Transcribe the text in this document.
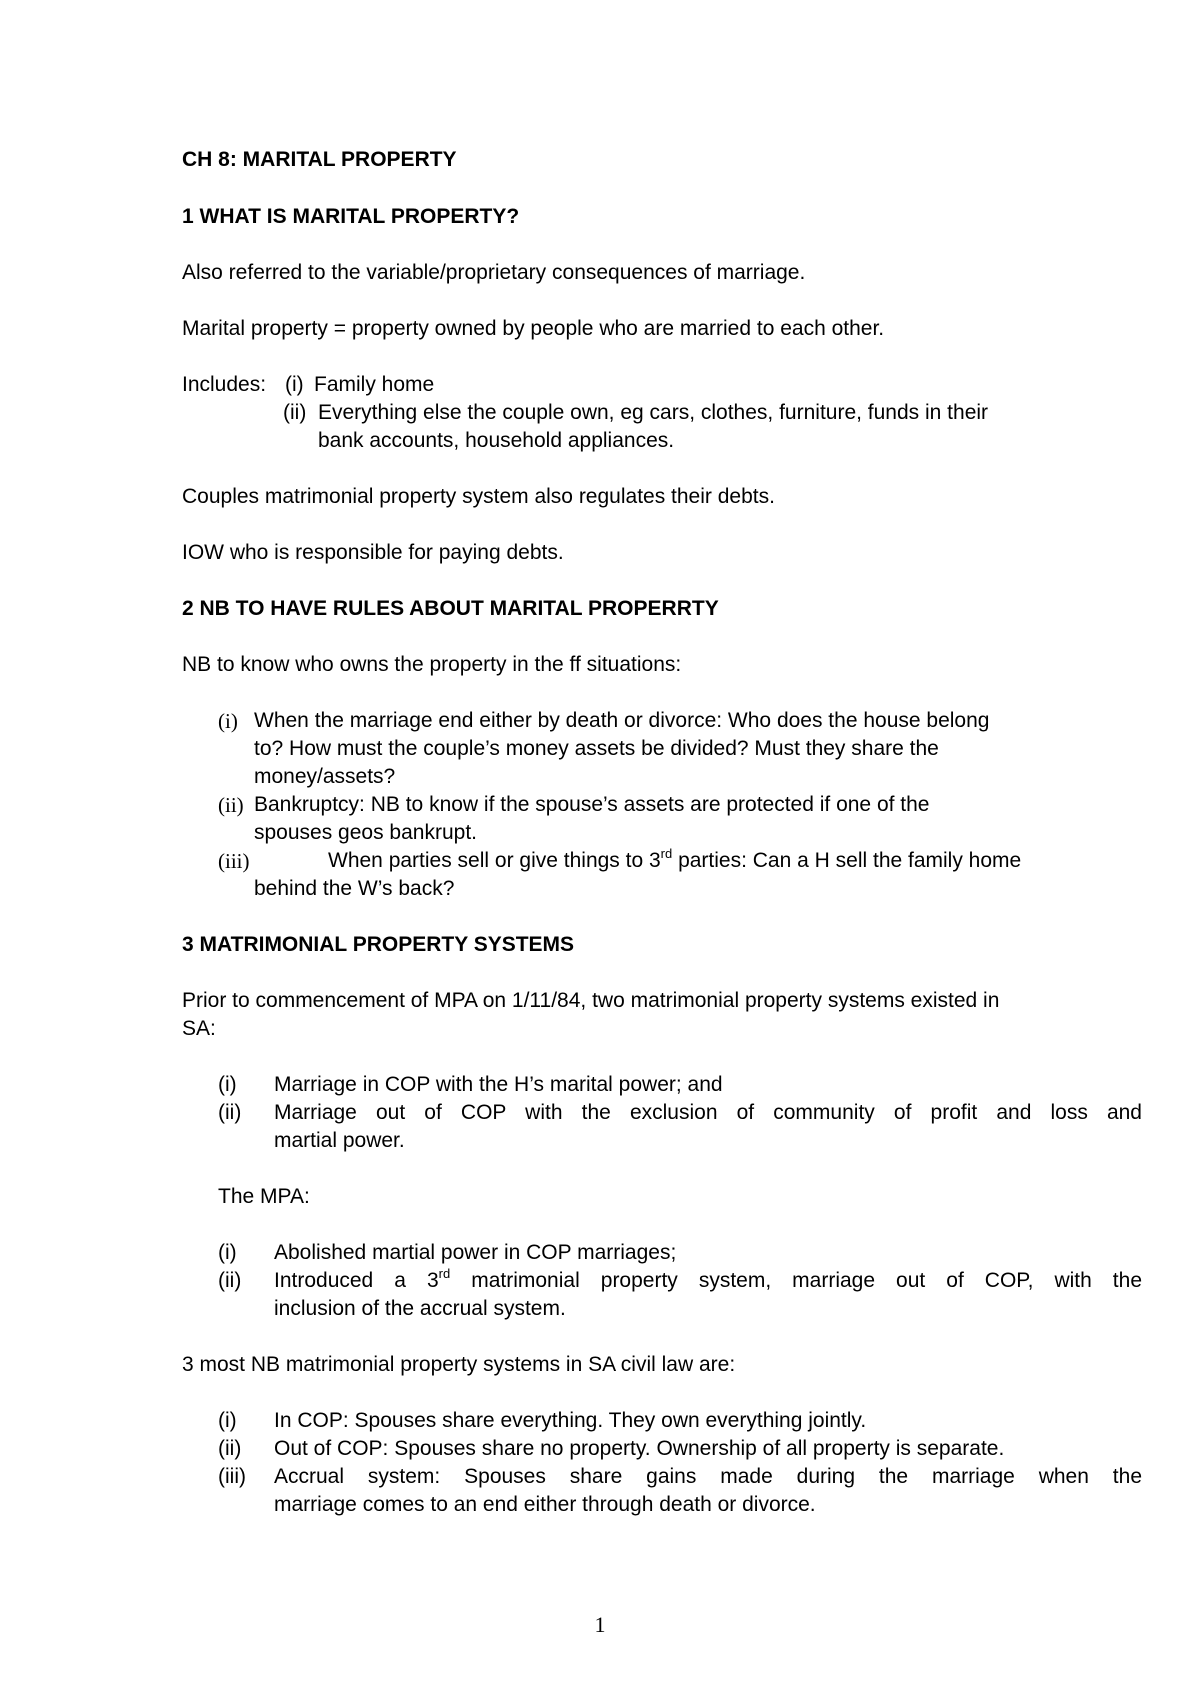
CH 8: MARITAL PROPERTY
1 WHAT IS MARITAL PROPERTY?
Also referred to the variable/proprietary consequences of marriage.
Marital property = property owned by people who are married to each other.
Includes: (i) Family home
(ii) Everything else the couple own, eg cars, clothes, furniture, funds in their
bank accounts, household appliances.
Couples matrimonial property system also regulates their debts.
IOW who is responsible for paying debts.
2 NB TO HAVE RULES ABOUT MARITAL PROPERRTY
NB to know who owns the property in the ff situations:
(i) When the marriage end either by death or divorce: Who does the house belong
to? How must the couple’s money assets be divided? Must they share the
money/assets?
(ii) Bankruptcy: NB to know if the spouse’s assets are protected if one of the
spouses geos bankrupt.
(iii)	When parties sell or give things to 3rd parties: Can a H sell the family home
behind the W’s back?
3 MATRIMONIAL PROPERTY SYSTEMS
Prior to commencement of MPA on 1/11/84, two matrimonial property systems existed in
SA:
(i) Marriage in COP with the H’s marital power; and
(ii) Marriage out of COP with the exclusion of community of profit and loss and
martial power.
The MPA:
(i) Abolished martial power in COP marriages;
(ii) Introduced a 3rd matrimonial property system, marriage out of COP, with the
inclusion of the accrual system.
3 most NB matrimonial property systems in SA civil law are:
(i) In COP: Spouses share everything. They own everything jointly.
(ii) Out of COP: Spouses share no property. Ownership of all property is separate.
(iii) Accrual system: Spouses share gains made during the marriage when the
marriage comes to an end either through death or divorce.
1
